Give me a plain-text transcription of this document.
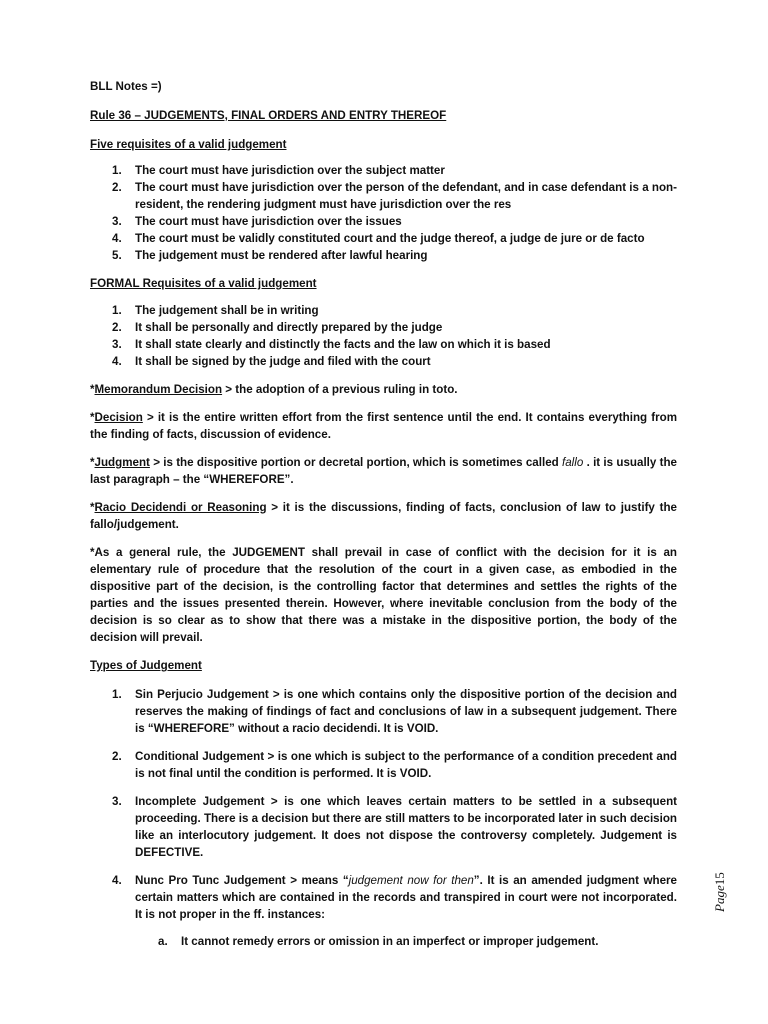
BLL Notes =)

Rule 36 – JUDGEMENTS, FINAL ORDERS AND ENTRY THEREOF

Five requisites of a valid judgement

1. The court must have jurisdiction over the subject matter
2. The court must have jurisdiction over the person of the defendant, and in case defendant is a non-resident, the rendering judgment must have jurisdiction over the res
3. The court must have jurisdiction over the issues
4. The court must be validly constituted court and the judge thereof, a judge de jure or de facto
5. The judgement must be rendered after lawful hearing

FORMAL Requisites of a valid judgement

1. The judgement shall be in writing
2. It shall be personally and directly prepared by the judge
3. It shall state clearly and distinctly the facts and the law on which it is based
4. It shall be signed by the judge and filed with the court

*Memorandum Decision > the adoption of a previous ruling in toto.

*Decision > it is the entire written effort from the first sentence until the end. It contains everything from the finding of facts, discussion of evidence.

*Judgment > is the dispositive portion or decretal portion, which is sometimes called fallo . it is usually the last paragraph – the “WHEREFORE”.

*Racio Decidendi or Reasoning > it is the discussions, finding of facts, conclusion of law to justify the fallo/judgement.

*As a general rule, the JUDGEMENT shall prevail in case of conflict with the decision for it is an elementary rule of procedure that the resolution of the court in a given case, as embodied in the dispositive part of the decision, is the controlling factor that determines and settles the rights of the parties and the issues presented therein. However, where inevitable conclusion from the body of the decision is so clear as to show that there was a mistake in the dispositive portion, the body of the decision will prevail.

Types of Judgement

1. Sin Perjucio Judgement > is one which contains only the dispositive portion of the decision and reserves the making of findings of fact and conclusions of law in a subsequent judgement. There is “WHEREFORE” without a racio decidendi. It is VOID.
2. Conditional Judgement > is one which is subject to the performance of a condition precedent and is not final until the condition is performed. It is VOID.
3. Incomplete Judgement > is one which leaves certain matters to be settled in a subsequent proceeding. There is a decision but there are still matters to be incorporated later in such decision like an interlocutory judgement. It does not dispose the controversy completely. Judgement is DEFECTIVE.
4. Nunc Pro Tunc Judgement > means “judgement now for then”. It is an amended judgment where certain matters which are contained in the records and transpired in court were not incorporated. It is not proper in the ff. instances:
a. It cannot remedy errors or omission in an imperfect or improper judgement.
Page15
